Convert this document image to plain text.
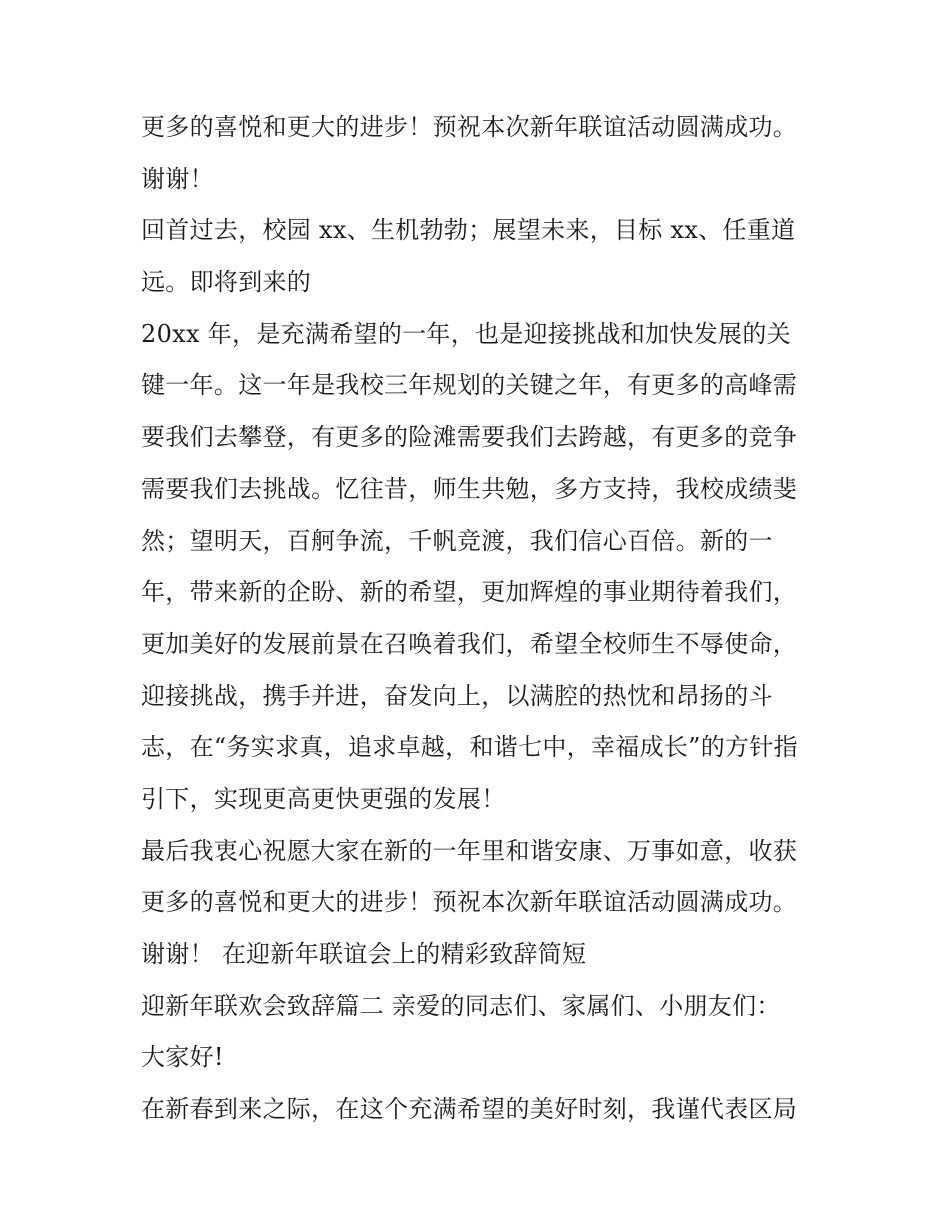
更多的喜悦和更大的进步！预祝本次新年联谊活动圆满成功。
谢谢！
回首过去，校园 xx、生机勃勃；展望未来，目标 xx、任重道
远。即将到来的
20xx 年，是充满希望的一年，也是迎接挑战和加快发展的关
键一年。这一年是我校三年规划的关键之年，有更多的高峰需
要我们去攀登，有更多的险滩需要我们去跨越，有更多的竞争
需要我们去挑战。忆往昔，师生共勉，多方支持，我校成绩斐
然；望明天，百舸争流，千帆竞渡，我们信心百倍。新的一
年，带来新的企盼、新的希望，更加辉煌的事业期待着我们，
更加美好的发展前景在召唤着我们，希望全校师生不辱使命，
迎接挑战，携手并进，奋发向上，以满腔的热忱和昂扬的斗
志，在“务实求真，追求卓越，和谐七中，幸福成长”的方针指
引下，实现更高更快更强的发展！
最后我衷心祝愿大家在新的一年里和谐安康、万事如意，收获
更多的喜悦和更大的进步！预祝本次新年联谊活动圆满成功。
谢谢！ 在迎新年联谊会上的精彩致辞简短
迎新年联欢会致辞篇二 亲爱的同志们、家属们、小朋友们：
大家好!
在新春到来之际，在这个充满希望的美好时刻，我谨代表区局
